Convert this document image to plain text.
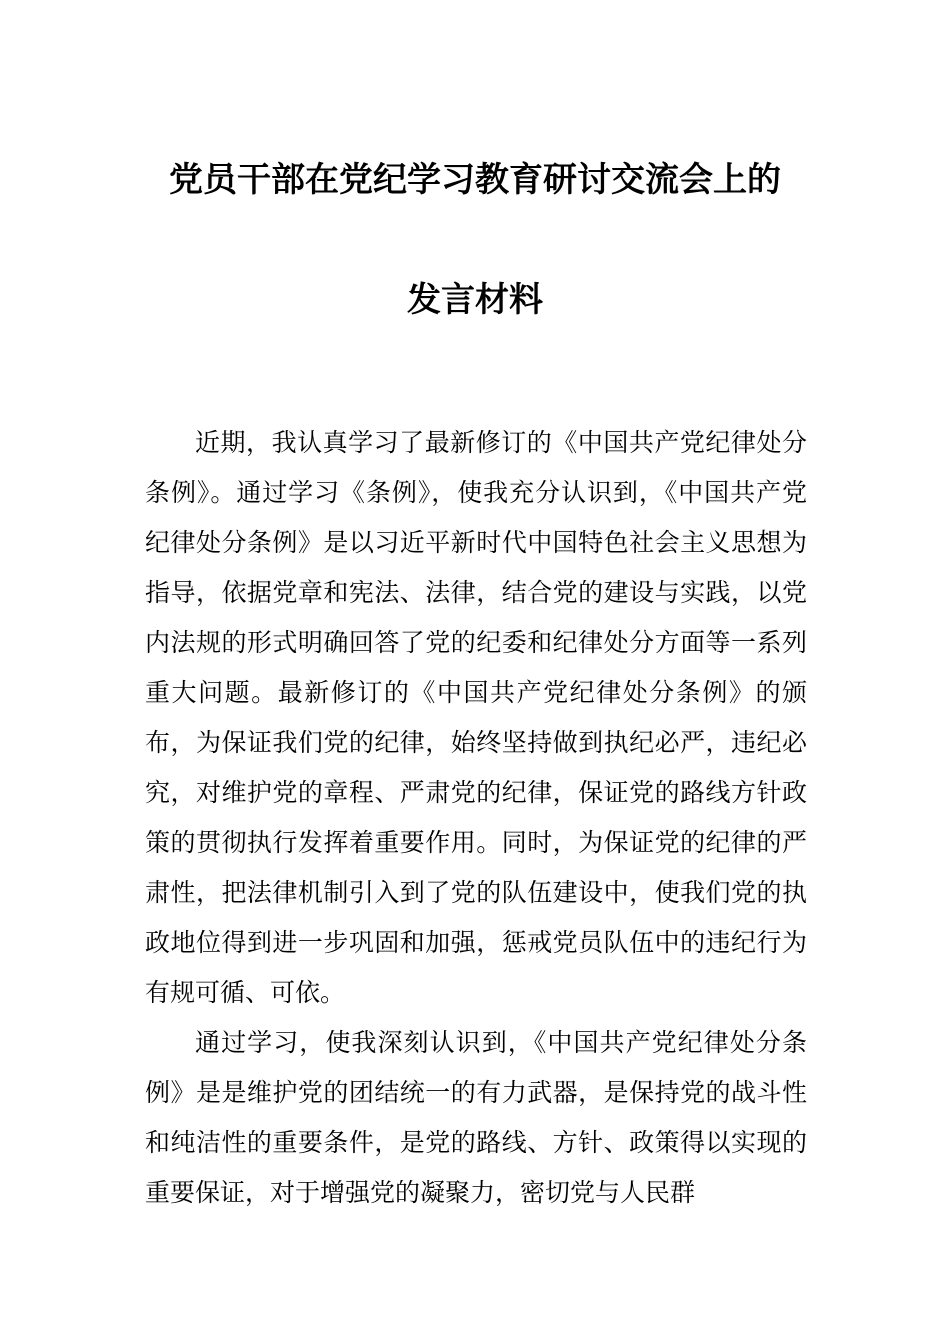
党员干部在党纪学习教育研讨交流会上的
发言材料

近期，我认真学习了最新修订的《中国共产党纪律处分条例》。通过学习《条例》，使我充分认识到，《中国共产党纪律处分条例》是以习近平新时代中国特色社会主义思想为指导，依据党章和宪法、法律，结合党的建设与实践，以党内法规的形式明确回答了党的纪委和纪律处分方面等一系列重大问题。最新修订的《中国共产党纪律处分条例》的颁布，为保证我们党的纪律，始终坚持做到执纪必严，违纪必究，对维护党的章程、严肃党的纪律，保证党的路线方针政策的贯彻执行发挥着重要作用。同时，为保证党的纪律的严肃性，把法律机制引入到了党的队伍建设中，使我们党的执政地位得到进一步巩固和加强，惩戒党员队伍中的违纪行为有规可循、可依。

通过学习，使我深刻认识到，《中国共产党纪律处分条例》是是维护党的团结统一的有力武器，是保持党的战斗性和纯洁性的重要条件，是党的路线、方针、政策得以实现的重要保证，对于增强党的凝聚力，密切党与人民群
